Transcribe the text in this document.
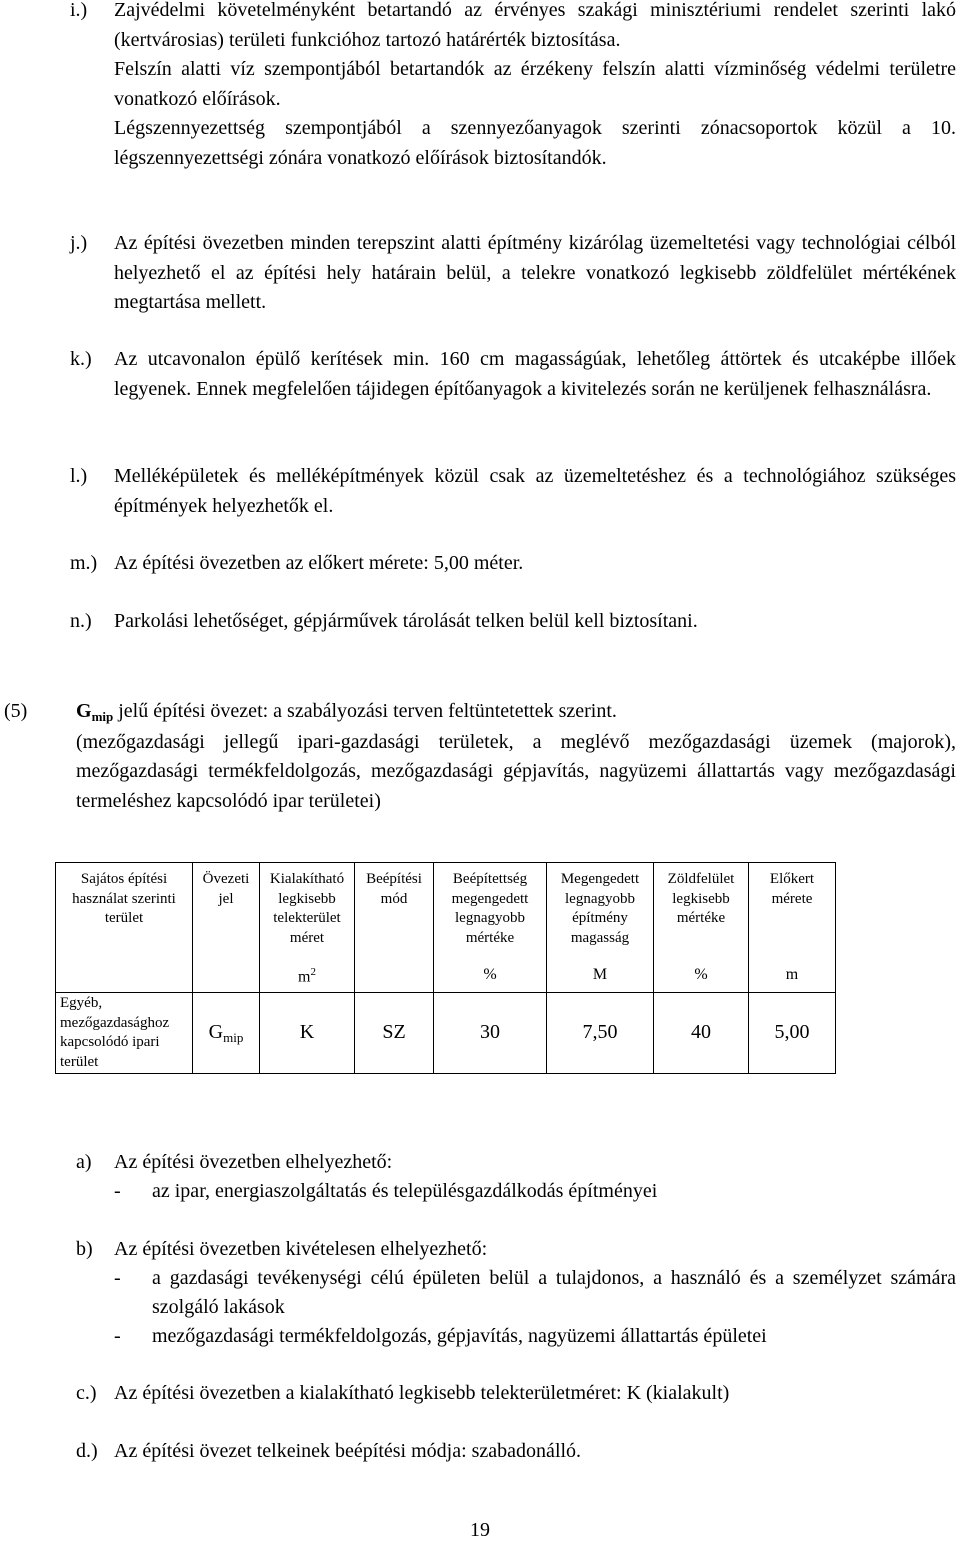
i.)	Zajvédelmi követelményként betartandó az érvényes szakági minisztériumi rendelet szerinti lakó (kertvárosias) területi funkcióhoz tartozó határérték biztosítása.

Felszín alatti víz szempontjából betartandók az érzékeny felszín alatti vízminőség védelmi területre vonatkozó előírások.

Légszennyezettség szempontjából a szennyezőanyagok szerinti zónacsoportok közül a 10. légszennyezettségi zónára vonatkozó előírások biztosítandók.

j.)	Az építési övezetben minden terepszint alatti építmény kizárólag üzemeltetési vagy technológiai célból helyezhető el az építési hely határain belül, a telekre vonatkozó legkisebb zöldfelület mértékének megtartása mellett.

k.)	Az utcavonalon épülő kerítések min. 160 cm magasságúak, lehetőleg áttörtek és utcaképbe illőek legyenek. Ennek megfelelően tájidegen építőanyagok a kivitelezés során ne kerüljenek felhasználásra.

l.)	Melléképületek és melléképítmények közül csak az üzemeltetéshez és a technológiához szükséges építmények helyezhetők el.

m.) Az építési övezetben az előkert mérete: 5,00 méter.

n.)	Parkolási lehetőséget, gépjárművek tárolását telken belül kell biztosítani.

(5) $G_{mip}$ jelű építési övezet: a szabályozási terven feltüntetettek szerint.

(mezőgazdasági jellegű ipari-gazdasági területek, a meglévő mezőgazdasági üzemek (majorok), mezőgazdasági termékfeldolgozás, mezőgazdasági gépjavítás, nagyüzemi állattartás vagy mezőgazdasági termeléshez kapcsolódó ipar területei)

Sajátos építési használat szerinti terület	Övezeti jel	Kialakítható legkisebb telekterület méret	Beépítési mód	Beépítettség megengedett legnagyobb mértéke	Megengedett legnagyobb építmény magasság	Zöldfelület legkisebb mértéke	Előkert mérete
		$m^2$		%	M	%	m
Egyéb, mezőgazdasághoz kapcsolódó ipari terület	$G_{mip}$	K	SZ	30	7,50	40	5,00
a) Az építési övezetben elhelyezhető:
- az ipar, energiaszolgáltatás és településgazdálkodás építményei
b) Az építési övezetben kivételesen elhelyezhető:
- a gazdasági tevékenységi célú épületen belül a tulajdonos, a használó és a személyzet számára szolgáló lakások
- mezőgazdasági termékfeldolgozás, gépjavítás, nagyüzemi állattartás épületei
c.) Az építési övezetben a kialakítható legkisebb telekterületméret: K (kialakult)
d.) Az építési övezet telkeinek beépítési módja: szabadonálló.
19
